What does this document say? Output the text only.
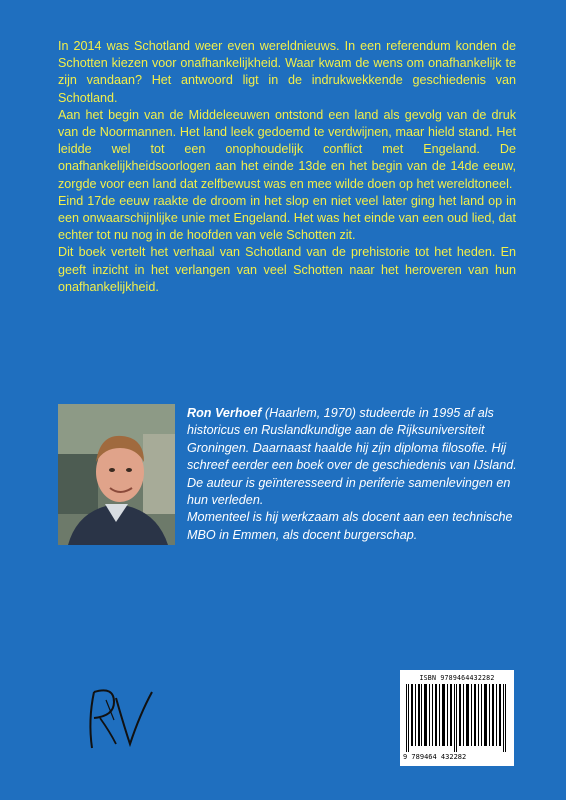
In 2014 was Schotland weer even wereldnieuws. In een referendum konden de Schotten kiezen voor onafhankelijkheid. Waar kwam de wens om onafhankelijk te zijn vandaan? Het antwoord ligt in de indrukwekkende geschiedenis van Schotland.

Aan het begin van de Middeleeuwen ontstond een land als gevolg van de druk van de Noormannen. Het land leek gedoemd te verdwijnen, maar hield stand. Het leidde wel tot een onophoudelijk conflict met Engeland. De onafhankelijkheidsoorlogen aan het einde 13de en het begin van de 14de eeuw, zorgde voor een land dat zelfbewust was en mee wilde doen op het wereldtoneel.

Eind 17de eeuw raakte de droom in het slop en niet veel later ging het land op in een onwaarschijnlijke unie met Engeland. Het was het einde van een oud lied, dat echter tot nu nog in de hoofden van vele Schotten zit.

Dit boek vertelt het verhaal van Schotland van de prehistorie tot het heden. En geeft inzicht in het verlangen van veel Schotten naar het heroveren van hun onafhankelijkheid.

Ron Verhoef (Haarlem, 1970) studeerde in 1995 af als historicus en Ruslandkundige aan de Rijksuniversiteit Groningen. Daarnaast haalde hij zijn diploma filosofie. Hij schreef eerder een boek over de geschiedenis van IJsland. De auteur is geïnteresseerd in periferie samenlevingen en hun verleden.
Momenteel is hij werkzaam als docent aan een technische MBO in Emmen, als docent burgerschap.
ISBN 9789464432282
9 789464 432282
